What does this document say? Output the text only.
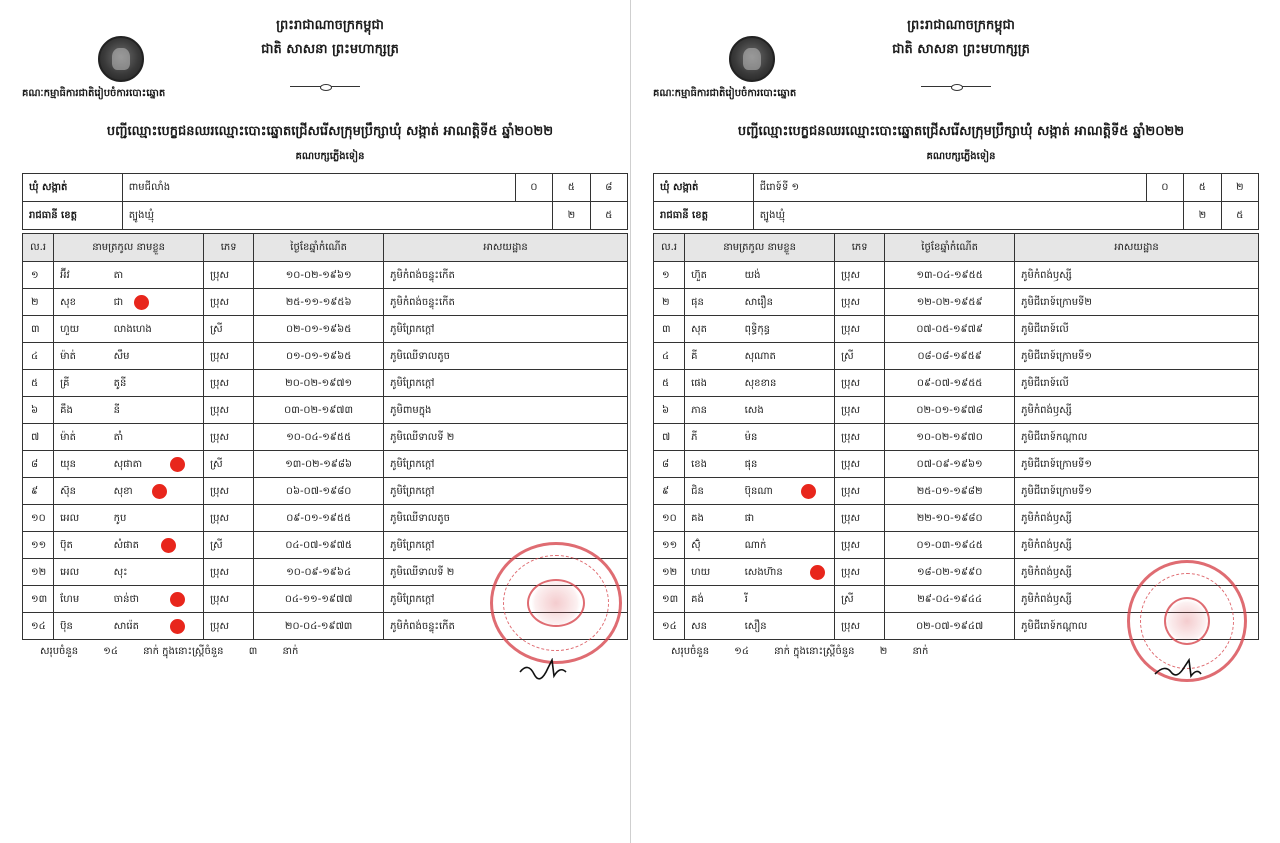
ព្រះរាជាណាចក្រកម្ពុជា
ជាតិ សាសនា ព្រះមហាក្សត្រ
គណៈកម្មាធិការជាតិរៀបចំការបោះឆ្នោត
បញ្ជីឈ្មោះបេក្ខជនឈរឈ្មោះបោះឆ្នោតជ្រើសរើសក្រុមប្រឹក្សាឃុំ សង្កាត់ អាណត្តិទី៥ ឆ្នាំ២០២២
គណបក្សភ្លើងទៀន
ឃុំ សង្កាត់	ពាមជីលាំង	០	៥	៨
រាជធានី ខេត្ត	ត្បូងឃ្មុំ		២	៥
ល.រ	នាមត្រកូល នាមខ្លួន		ភេទ	ថ្ងៃខែឆ្នាំកំណើត	អាសយដ្ឋាន
១	អ៊ីវ	តា	ប្រុស	១០-០២-១៩៦១	ភូមិកំពង់ចន្ទុះកើត
២	សុខ	ជា	ប្រុស	២៥-១១-១៩៥៦	ភូមិកំពង់ចន្ទុះកើត
៣	ហួយ	លាងហេង	ស្រី	០២-០១-១៩៦៥	ភូមិព្រែកក្តៅ
៤	ម៉ាត់	សឹម	ប្រុស	០១-០១-១៩៦៥	ភូមិឈើទាលតូច
៥	គ្រី	តូនី	ប្រុស	២០-០២-១៩៧១	ភូមិព្រែកក្តៅ
៦	គឹង	នី	ប្រុស	០៣-០២-១៩៧៣	ភូមិពាមក្នុង
៧	ម៉ាត់	តាំ	ប្រុស	១០-០៤-១៩៥៥	ភូមិឈើទាលទី ២
៨	យុន	សុផាតា	ស្រី	១៣-០២-១៩៨៦	ភូមិព្រែកក្តៅ
៩	ស៊ុន	សុខា	ប្រុស	០៦-០៧-១៩៨០	ភូមិព្រែកក្តៅ
១០	អេល	កូប	ប្រុស	០៩-០១-១៩៥៥	ភូមិឈើទាលតូច
១១	ប៊ុត	សំផាត	ស្រី	០៤-០៧-១៩៧៥	ភូមិព្រែកក្តៅ
១២	អេល	សុះ	ប្រុស	១០-០៩-១៩៦៤	ភូមិឈើទាលទី ២
១៣	ហែម	ចាន់ថា	ប្រុស	០៤-១១-១៩៧៧	ភូមិព្រែកក្តៅ
១៤	ប៊ុន	សារ៉េត	ប្រុស	២០-០៤-១៩៧៣	ភូមិកំពង់ចន្ទុះកើត
សរុបចំនួន	១៤	នាក់ ក្នុងនោះស្ត្រីចំនួន	៣	នាក់
ព្រះរាជាណាចក្រកម្ពុជា
ជាតិ សាសនា ព្រះមហាក្សត្រ
គណៈកម្មាធិការជាតិរៀបចំការបោះឆ្នោត
បញ្ជីឈ្មោះបេក្ខជនឈរឈ្មោះបោះឆ្នោតជ្រើសរើសក្រុមប្រឹក្សាឃុំ សង្កាត់ អាណត្តិទី៥ ឆ្នាំ២០២២
គណបក្សភ្លើងទៀន
ឃុំ សង្កាត់	ជីរោទ៍ទី ១	០	៥	២
រាជធានី ខេត្ត	ត្បូងឃ្មុំ		២	៥
ល.រ	នាមត្រកូល នាមខ្លួន		ភេទ	ថ្ងៃខែឆ្នាំកំណើត	អាសយដ្ឋាន
១	ហ៊ួត	យង់	ប្រុស	១៣-០៤-១៩៥៥	ភូមិកំពង់ឫស្សី
២	ផុន	សារឿន	ប្រុស	១២-០២-១៩៥៩	ភូមិជីរោទ៍ក្រោមទី២
៣	សុត	ពុទ្ធិកុន្ធ	ប្រុស	០៧-០៥-១៩៧៩	ភូមិជីរោទ៍លើ
៤	គី	សុណាត	ស្រី	០៨-០៨-១៩៥៩	ភូមិជីរោទ៍ក្រោមទី១
៥	ផេង	សុខខាន	ប្រុស	០៩-០៧-១៩៥៥	ភូមិជីរោទ៍លើ
៦	ភាន	សេង	ប្រុស	០២-០១-១៩៧៨	ភូមិកំពង់ឫស្សី
៧	ភី	ម៉ន	ប្រុស	១០-០២-១៩៧០	ភូមិជីរោទ៍កណ្តាល
៨	ខេង	ផុន	ប្រុស	០៧-០៩-១៩៦១	ភូមិជីរោទ៍ក្រោមទី១
៩	ជិន	ប៊ុនណា	ប្រុស	២៥-០១-១៩៨២	ភូមិជីរោទ៍ក្រោមទី១
១០	គង	ផា	ប្រុស	២២-១០-១៩៨០	ភូមិកំពង់ឫស្សី
១១	ស៊ុំ	ណាក់	ប្រុស	០១-០៣-១៩៤៥	ភូមិកំពង់ឫស្សី
១២	ហយ	សេងហ៊ាន	ប្រុស	១៨-០២-១៩៩០	ភូមិកំពង់ឫស្សី
១៣	គង់	រី	ស្រី	២៩-០៤-១៩៤៤	ភូមិកំពង់ឫស្សី
១៤	សន	សឿន	ប្រុស	០២-០៧-១៩៤៧	ភូមិជីរោទ៍កណ្តាល
សរុបចំនួន	១៤	នាក់ ក្នុងនោះស្ត្រីចំនួន	២	នាក់
